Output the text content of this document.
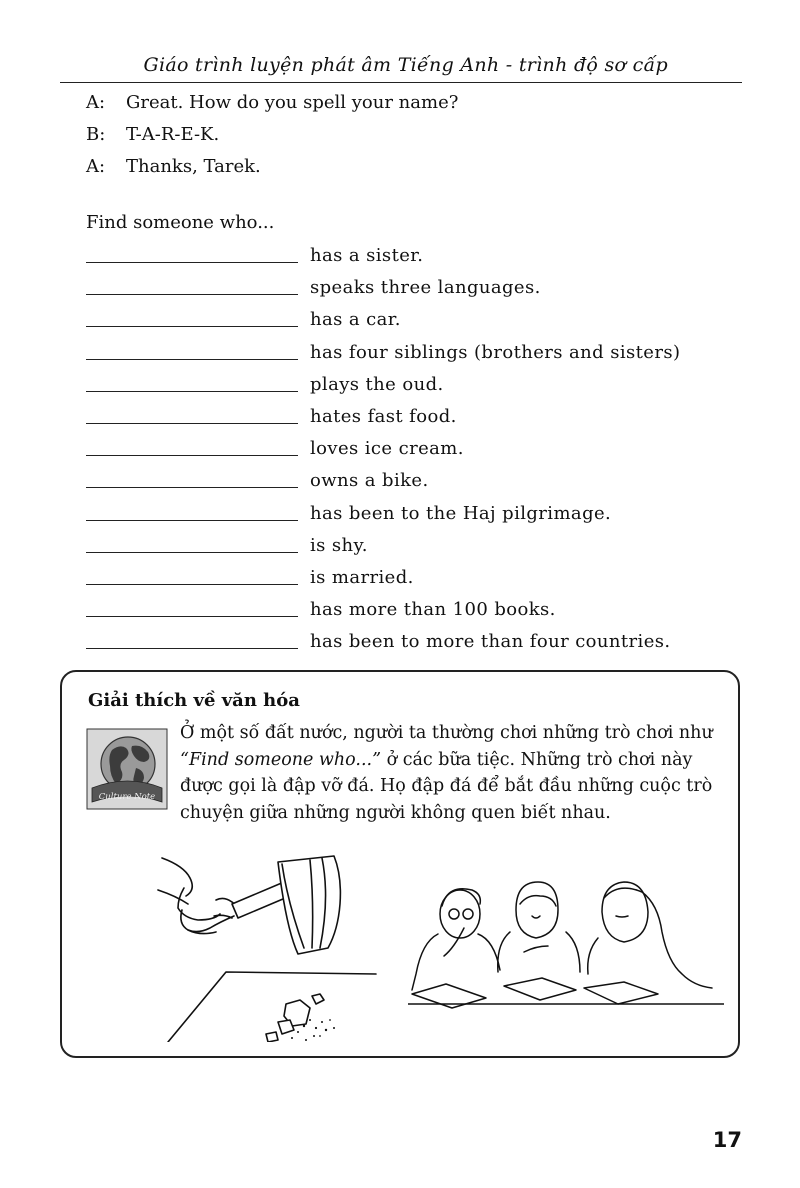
Giáo trình luyện phát âm Tiếng Anh - trình độ sơ cấp
A: Great. How do you spell your name?
B: T-A-R-E-K.
A: Thanks, Tarek.
Find someone who...
has a sister.
speaks three languages.
has a car.
has four siblings (brothers and sisters)
plays the oud.
hates fast food.
loves ice cream.
owns a bike.
has been to the Haj pilgrimage.
is shy.
is married.
has more than 100 books.
has been to more than four countries.
Giải thích về văn hóa
Culture Note
Ở một số đất nước, người ta thường chơi những trò chơi như “Find someone who...” ở các bữa tiệc. Những trò chơi này được gọi là đập vỡ đá. Họ đập đá để bắt đầu những cuộc trò chuyện giữa những người không quen biết nhau.
17
